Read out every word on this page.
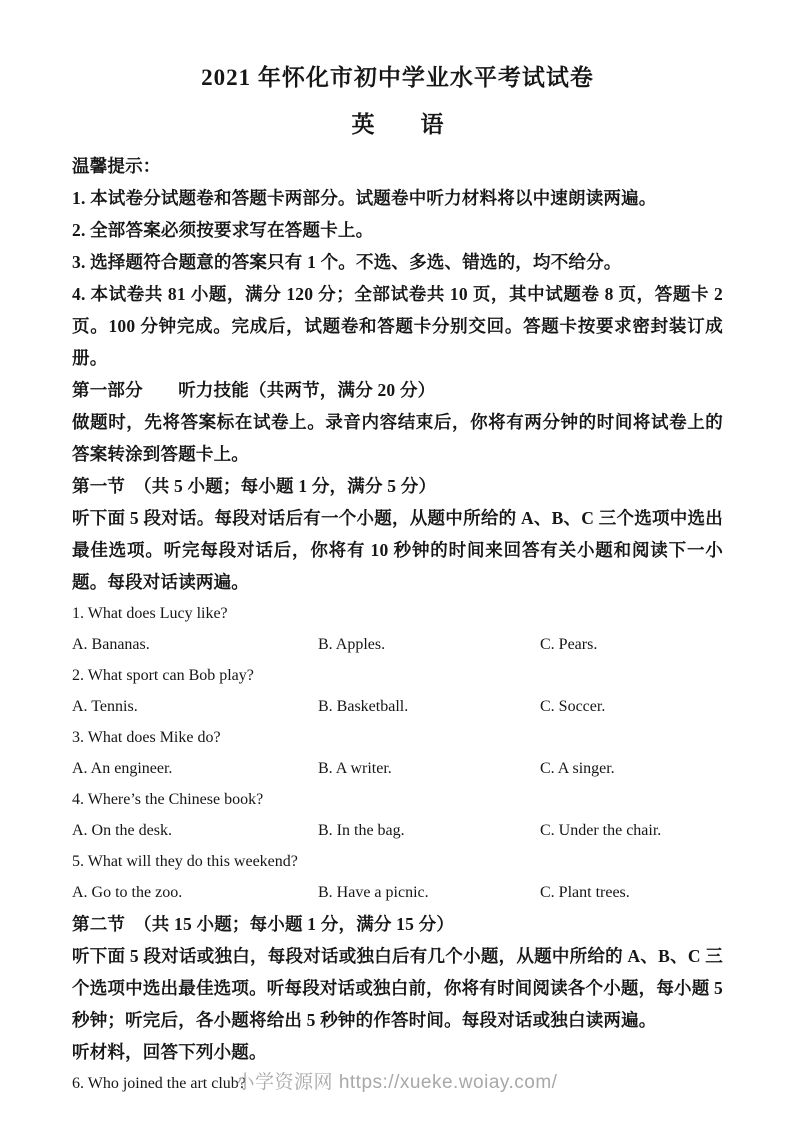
2021 年怀化市初中学业水平考试试卷
英　　语

温馨提示：

1. 本试卷分试题卷和答题卡两部分。试题卷中听力材料将以中速朗读两遍。

2. 全部答案必须按要求写在答题卡上。

3. 选择题符合题意的答案只有 1 个。不选、多选、错选的，均不给分。

4. 本试卷共 81 小题，满分 120 分；全部试卷共 10 页，其中试题卷 8 页，答题卡 2 页。100 分钟完成。完成后，试题卷和答题卡分别交回。答题卡按要求密封装订成册。

第一部分　　听力技能（共两节，满分 20 分）

做题时，先将答案标在试卷上。录音内容结束后，你将有两分钟的时间将试卷上的答案转涂到答题卡上。

第一节　（共 5 小题；每小题 1 分，满分 5 分）

听下面 5 段对话。每段对话后有一个小题，从题中所给的 A、B、C 三个选项中选出最佳选项。听完每段对话后，你将有 10 秒钟的时间来回答有关小题和阅读下一小题。每段对话读两遍。

1. What does Lucy like?

A. Bananas.	B. Apples.	C. Pears.

2. What sport can Bob play?

A. Tennis.	B. Basketball.	C. Soccer.

3. What does Mike do?

A. An engineer.	B. A writer.	C. A singer.

4. Where’s the Chinese book?

A. On the desk.	B. In the bag.	C. Under the chair.

5. What will they do this weekend?

A. Go to the zoo.	B. Have a picnic.	C. Plant trees.

第二节　（共 15 小题；每小题 1 分，满分 15 分）

听下面 5 段对话或独白，每段对话或独白后有几个小题，从题中所给的 A、B、C 三个选项中选出最佳选项。听每段对话或独白前，你将有时间阅读各个小题，每小题 5 秒钟；听完后，各小题将给出 5 秒钟的作答时间。每段对话或独白读两遍。

听材料，回答下列小题。

6. Who joined the art club?

小学资源网 https://xueke.woiay.com/
